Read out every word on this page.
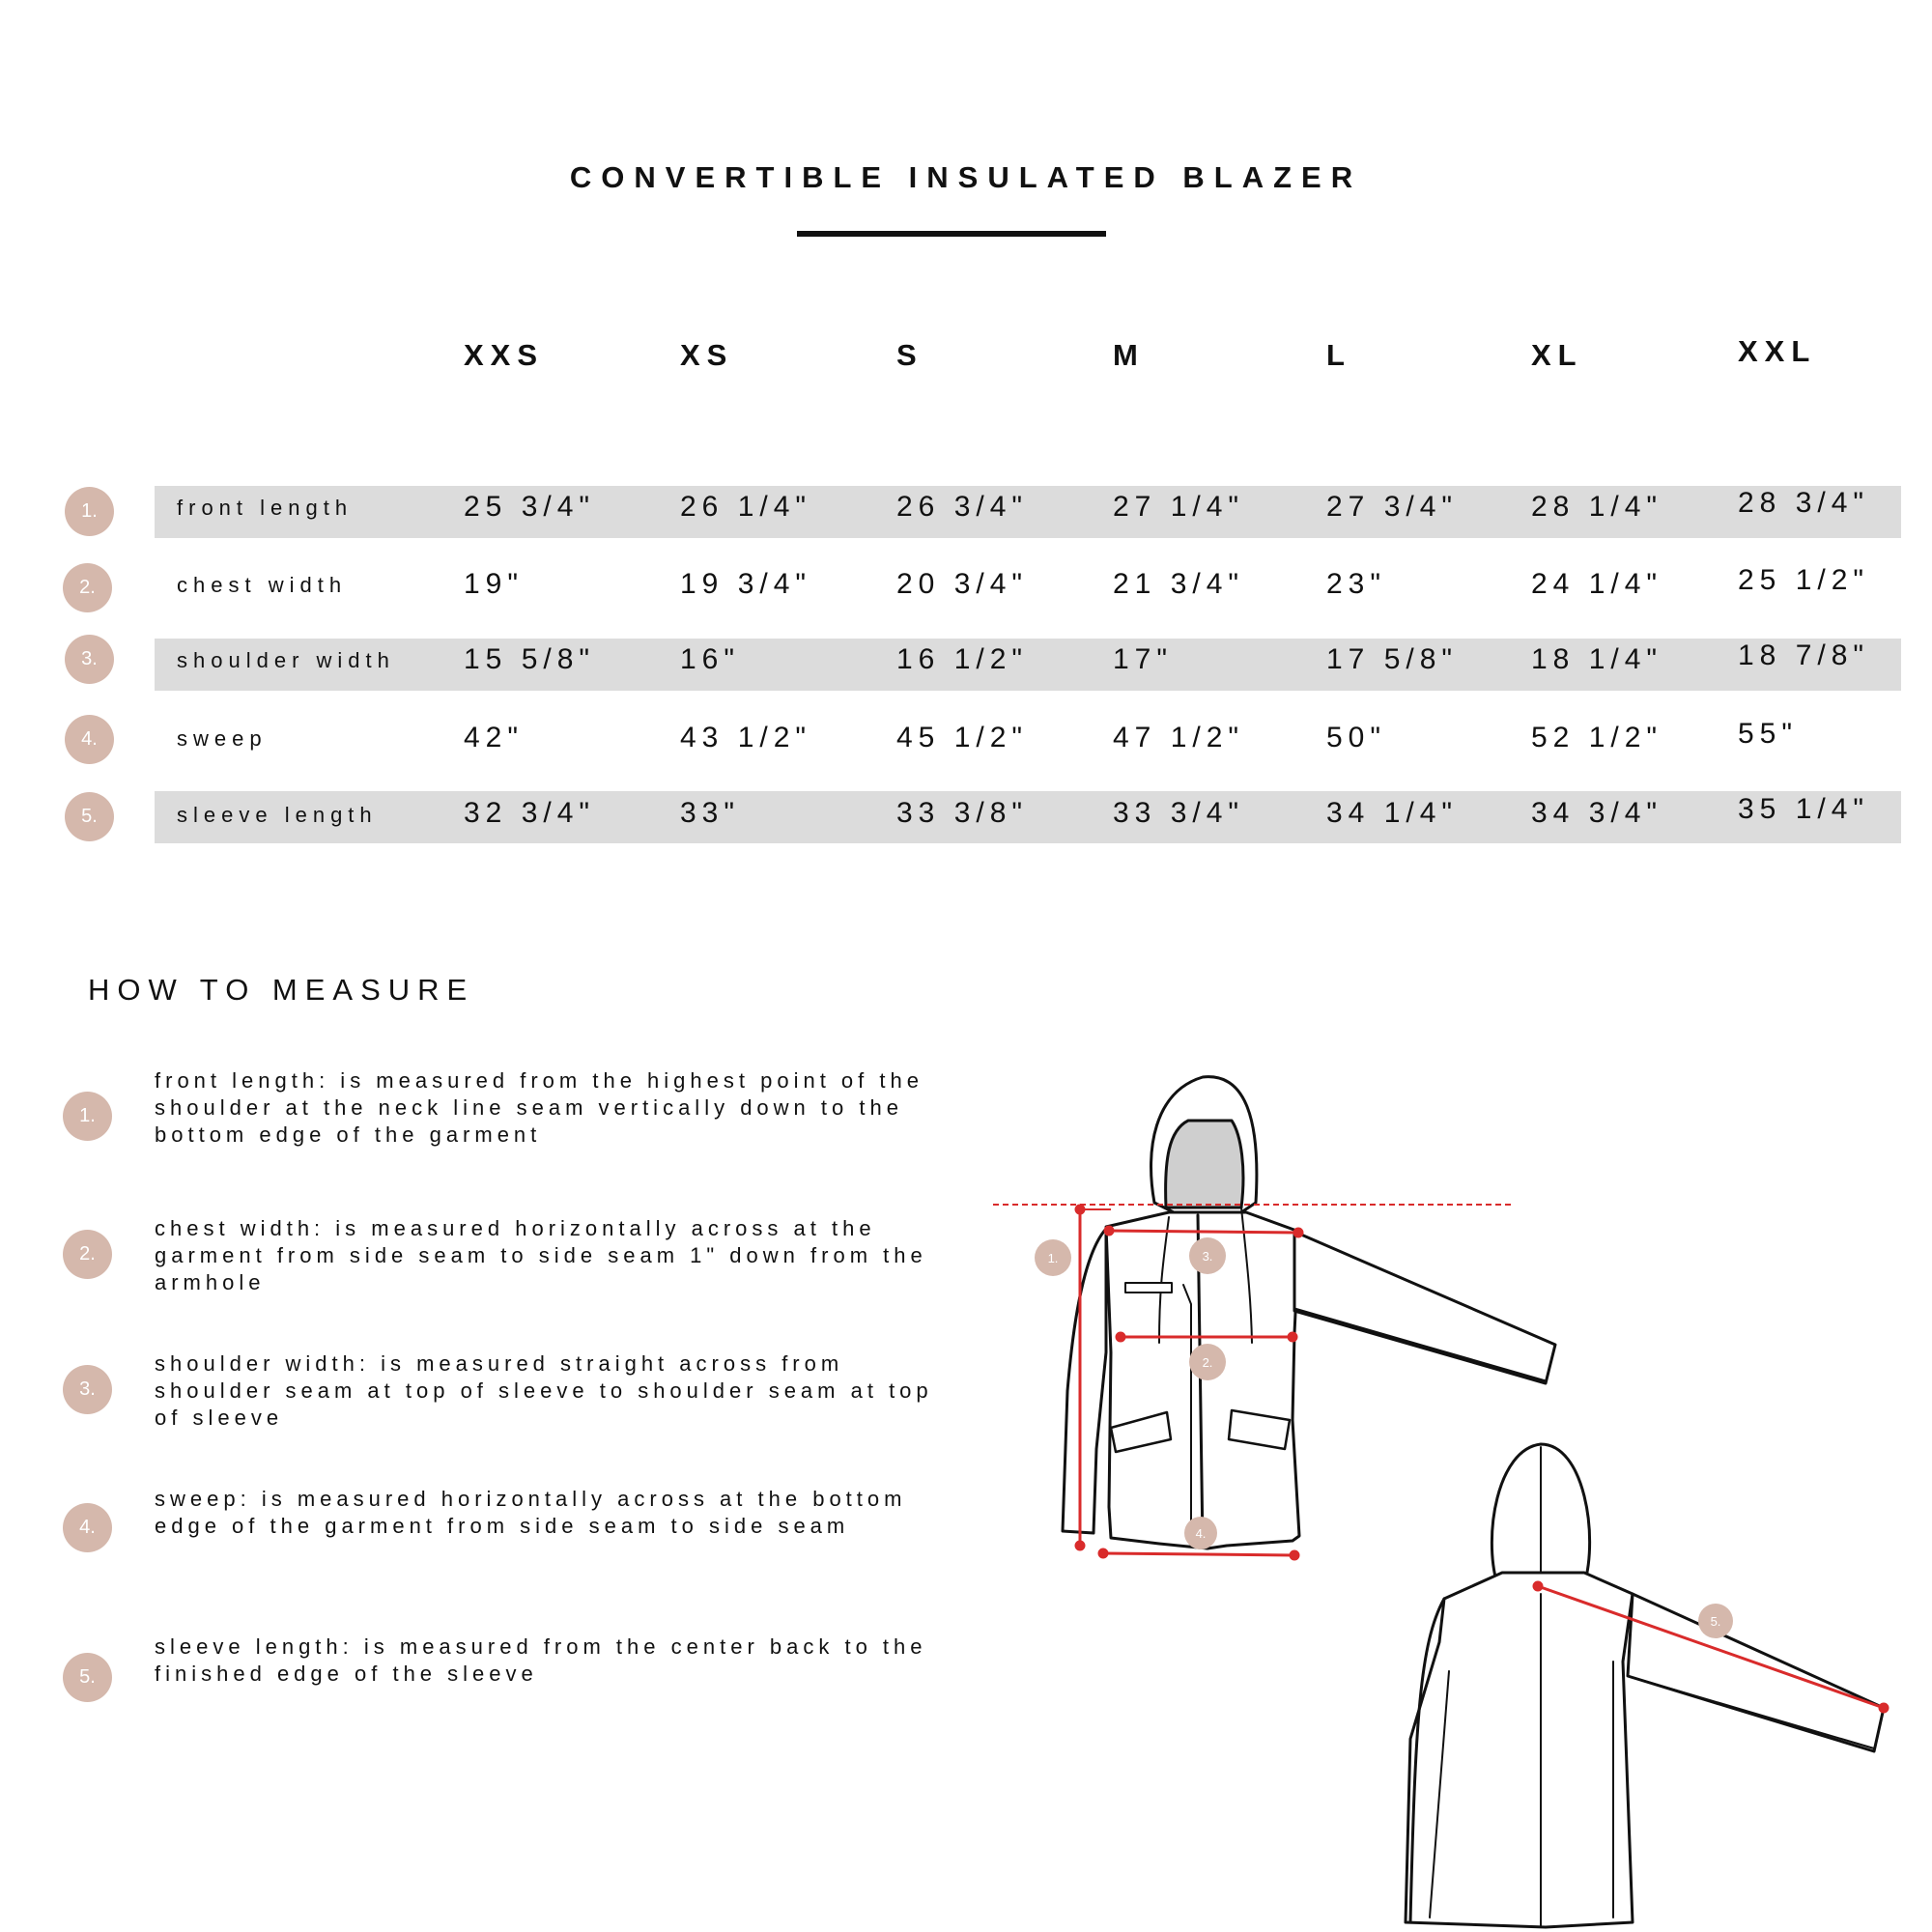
CONVERTIBLE INSULATED BLAZER
XXS	XS	S	M	L	XL	XXL
1.	front length	25 3/4"	26 1/4"	26 3/4"	27 1/4"	27 3/4"	28 1/4"	28 3/4"
2.	chest width	19"	19 3/4"	20 3/4"	21 3/4"	23"	24 1/4"	25 1/2"
3.	shoulder width 15 5/8"	16"	16 1/2"	17"	17 5/8"	18 1/4"	18 7/8"
4.	sweep	42"	43 1/2"	45 1/2"	47 1/2"	50"	52 1/2"	55"
5.	sleeve length	32 3/4"	33"	33 3/8"	33 3/4"	34 1/4"	34 3/4"	35 1/4"
HOW TO MEASURE
1.
front length: is measured from the highest point of the shoulder at the neck line seam vertically down to the bottom edge of the garment
2.
chest width: is measured horizontally across at the garment from side seam to side seam 1" down from the armhole
3.
shoulder width: is measured straight across from shoulder seam at top of sleeve to shoulder seam at top of sleeve
4.
sweep: is measured horizontally across at the bottom edge of the garment from side seam to side seam
5.
sleeve length: is measured from the center back to the finished edge of the sleeve
1.	3.
2.
4.
5.
